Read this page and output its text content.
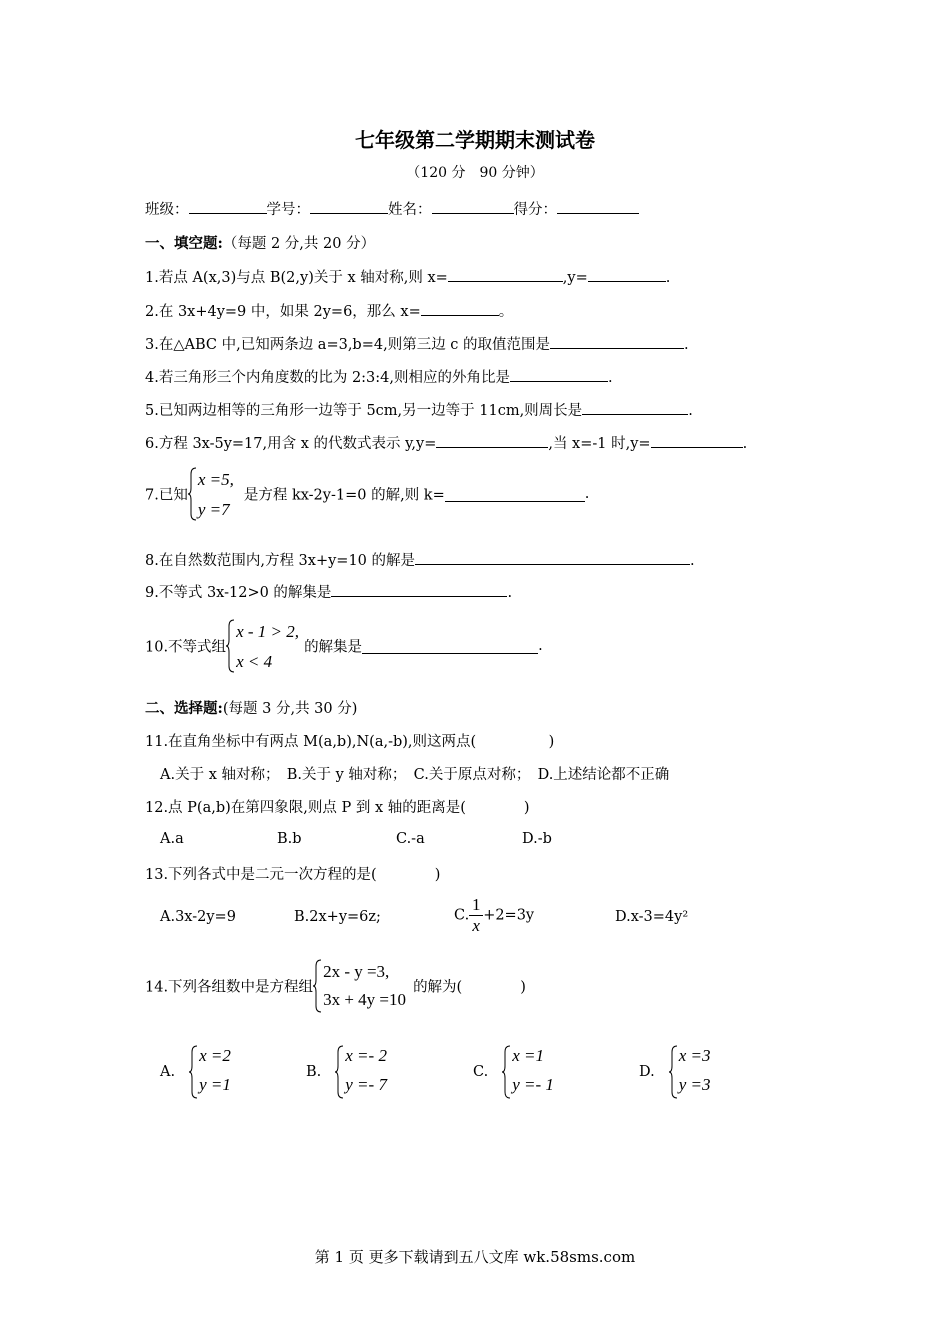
七年级第二学期期末测试卷
（120 分　90 分钟）
班级：	学号：	姓名：	得分：
一、填空题:（每题 2 分,共 20 分）
1.若点 A(x,3)与点 B(2,y)关于 x 轴对称,则 x=	,y=	.
2.在 3x+4y=9 中，如果 2y=6，那么 x=	。
3.在△ABC 中,已知两条边 a=3,b=4,则第三边 c 的取值范围是	.
4.若三角形三个内角度数的比为 2:3:4,则相应的外角比是	.
5.已知两边相等的三角形一边等于 5cm,另一边等于 11cm,则周长是	.
6.方程 3x-5y=17,用含 x 的代数式表示 y,y=	,当 x=-1 时,y=	.
7.已知
x =5,
y =7
是方程 kx-2y-1=0 的解,则 k=	.
8.在自然数范围内,方程 3x+y=10 的解是	.
9.不等式 3x-12>0 的解集是	.
10.不等式组
x - 1 > 2,
x < 4
的解集是	.
二、选择题:(每题 3 分,共 30 分)
11.在直角坐标中有两点 M(a,b),N(a,-b),则这两点(　　　　　)
A.关于 x 轴对称；　B.关于 y 轴对称；　C.关于原点对称；　D.上述结论都不正确
12.点 P(a,b)在第四象限,则点 P 到 x 轴的距离是(　　　　)
A.a	B.b	C.-a	D.-b
13.下列各式中是二元一次方程的是(　　　　)
A.3x-2y=9	B.2x+y=6z;	C. $\frac{1}{x} +2=3y$	D.x-3=4y²
14.下列各组数中是方程组
2x - y =3,
3x + 4y =10
的解为(　　　　)
A.
x =2
y =1
B.
x =- 2
y =- 7
C.
x =1
y =- 1
D.
x =3
y =3
第 1 页 更多下载请到五八文库 wk.58sms.com
